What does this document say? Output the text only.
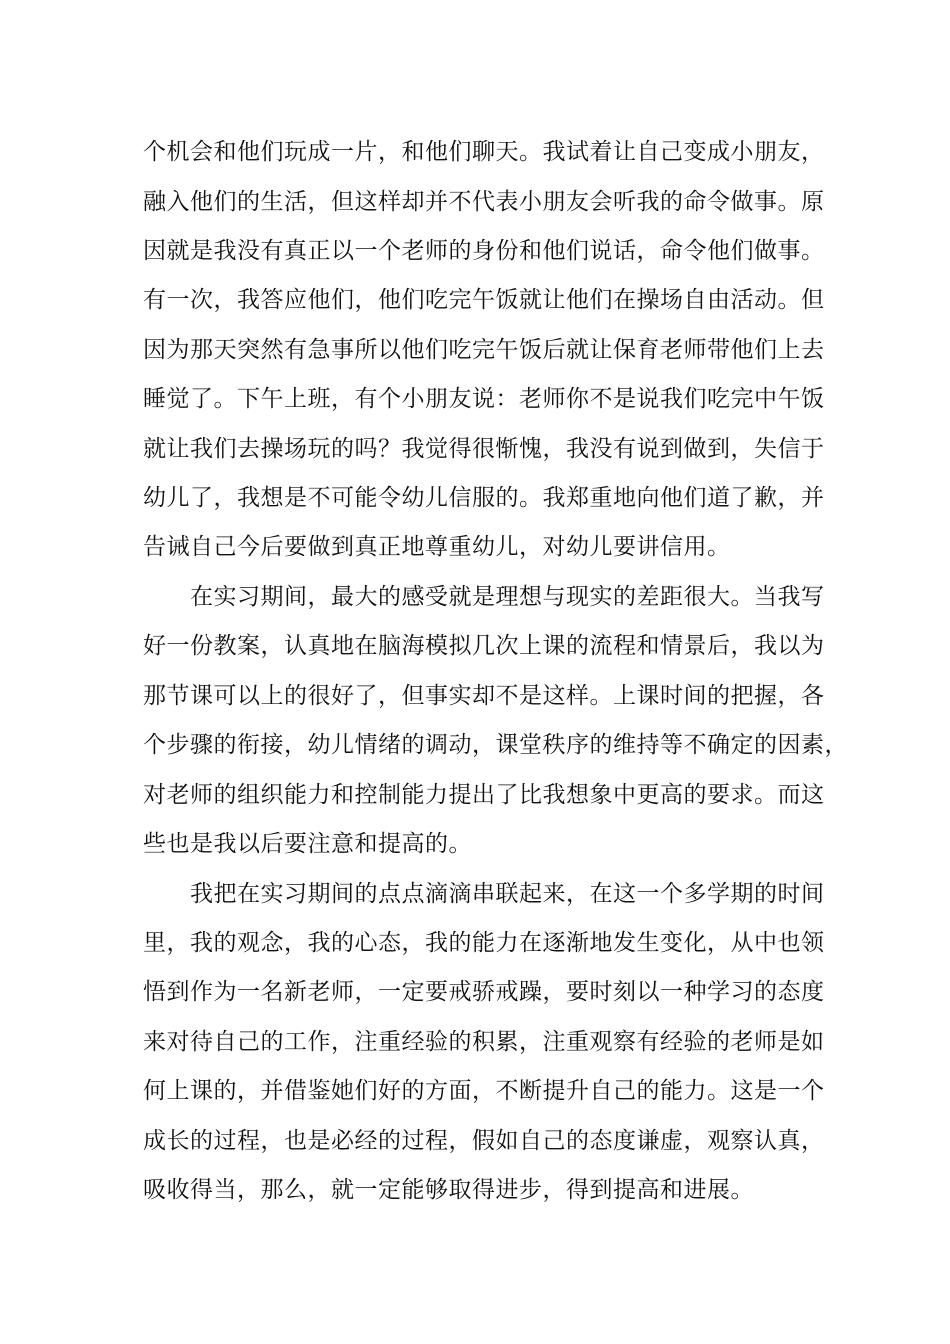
个机会和他们玩成一片，和他们聊天。我试着让自己变成小朋友，
融入他们的生活，但这样却并不代表小朋友会听我的命令做事。原
因就是我没有真正以一个老师的身份和他们说话，命令他们做事。
有一次，我答应他们，他们吃完午饭就让他们在操场自由活动。但
因为那天突然有急事所以他们吃完午饭后就让保育老师带他们上去
睡觉了。下午上班，有个小朋友说：老师你不是说我们吃完中午饭
就让我们去操场玩的吗？我觉得很惭愧，我没有说到做到，失信于
幼儿了，我想是不可能令幼儿信服的。我郑重地向他们道了歉，并
告诫自己今后要做到真正地尊重幼儿，对幼儿要讲信用。
在实习期间，最大的感受就是理想与现实的差距很大。当我写
好一份教案，认真地在脑海模拟几次上课的流程和情景后，我以为
那节课可以上的很好了，但事实却不是这样。上课时间的把握，各
个步骤的衔接，幼儿情绪的调动，课堂秩序的维持等不确定的因素，
对老师的组织能力和控制能力提出了比我想象中更高的要求。而这
些也是我以后要注意和提高的。
我把在实习期间的点点滴滴串联起来，在这一个多学期的时间
里，我的观念，我的心态，我的能力在逐渐地发生变化，从中也领
悟到作为一名新老师，一定要戒骄戒躁，要时刻以一种学习的态度
来对待自己的工作，注重经验的积累，注重观察有经验的老师是如
何上课的，并借鉴她们好的方面，不断提升自己的能力。这是一个
成长的过程，也是必经的过程，假如自己的态度谦虚，观察认真，
吸收得当，那么，就一定能够取得进步，得到提高和进展。
